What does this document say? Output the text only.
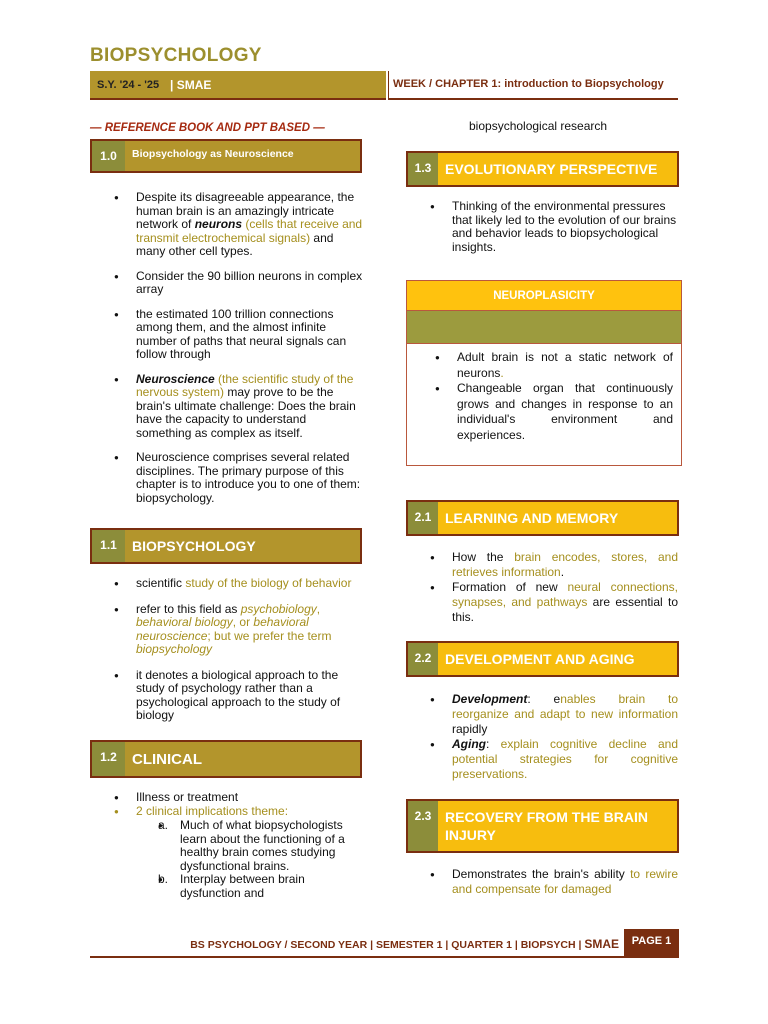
BIOPSYCHOLOGY
S.Y. '24 - '25 | SMAE	WEEK / CHAPTER 1: introduction to Biopsychology
— REFERENCE BOOK AND PPT BASED —
1.0	Biopsychology as Neuroscience
● Despite its disagreeable appearance, the human brain is an amazingly intricate network of neurons (cells that receive and transmit electrochemical signals) and many other cell types.
● Consider the 90 billion neurons in complex array
● the estimated 100 trillion connections among them, and the almost infinite number of paths that neural signals can follow through
● Neuroscience (the scientific study of the nervous system) may prove to be the brain's ultimate challenge: Does the brain have the capacity to understand something as complex as itself.
● Neuroscience comprises several related disciplines. The primary purpose of this chapter is to introduce you to one of them: biopsychology.
1.1	BIOPSYCHOLOGY
● scientific study of the biology of behavior
● refer to this field as psychobiology, behavioral biology, or behavioral neuroscience; but we prefer the term biopsychology
● it denotes a biological approach to the study of psychology rather than a psychological approach to the study of biology
1.2	CLINICAL
● Illness or treatment
● 2 clinical implications theme:
● a. Much of what biopsychologists learn about the functioning of a healthy brain comes studying dysfunctional brains.
● b. Interplay between brain dysfunction and
biopsychological research
1.3 EVOLUTIONARY PERSPECTIVE
● Thinking of the environmental pressures that likely led to the evolution of our brains and behavior leads to biopsychological insights.
NEUROPLASICITY
● Adult brain is not a static network of neurons.
● Changeable organ that continuously grows and changes in response to an individual's environment and experiences.
2.1 LEARNING AND MEMORY
● How the brain encodes, stores, and retrieves information.
● Formation of new neural connections, synapses, and pathways are essential to this.
2.2 DEVELOPMENT AND AGING
● Development: enables brain to reorganize and adapt to new information rapidly
● Aging: explain cognitive decline and potential strategies for cognitive preservations.
2.3 RECOVERY FROM THE BRAIN INJURY
● Demonstrates the brain's ability to rewire and compensate for damaged
BS PSYCHOLOGY / SECOND YEAR | SEMESTER 1 | QUARTER 1 | BIOPSYCH | SMAE	PAGE 1
